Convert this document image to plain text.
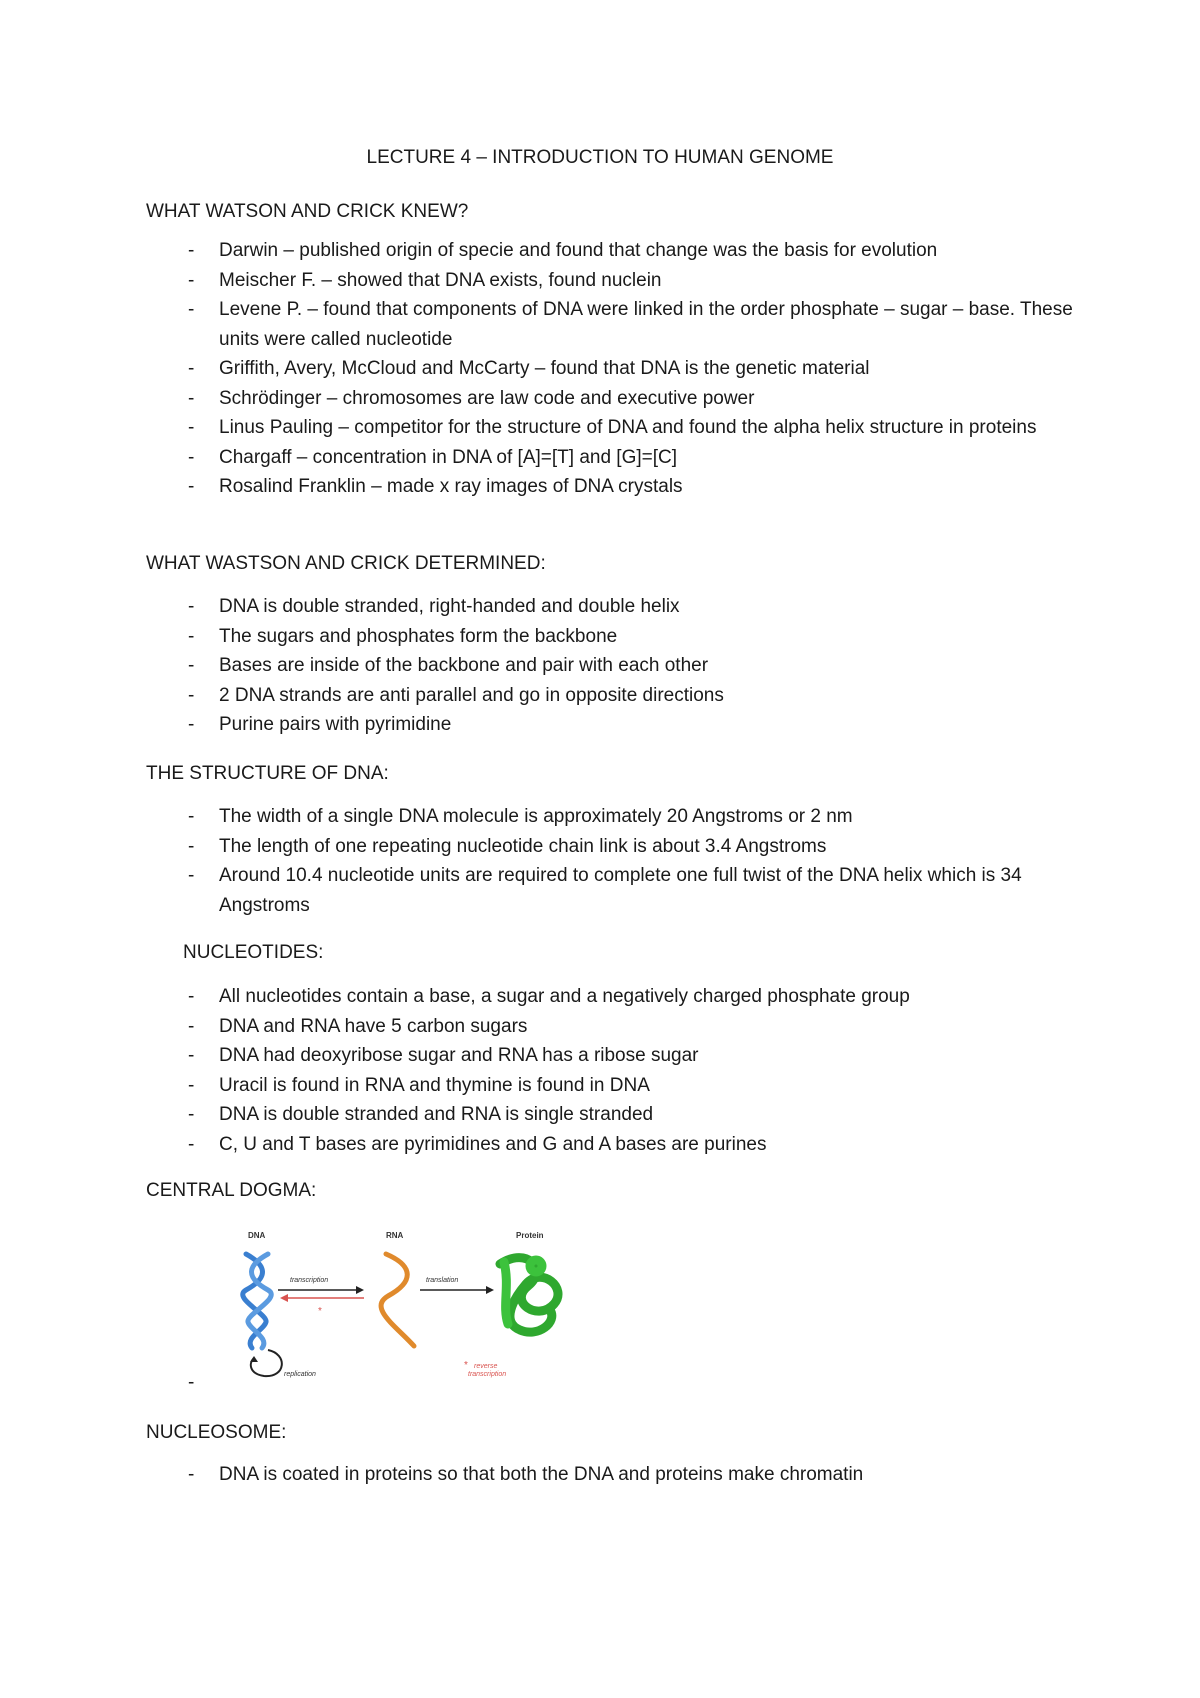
LECTURE 4 – INTRODUCTION TO HUMAN GENOME
WHAT WATSON AND CRICK KNEW?
- Darwin – published origin of specie and found that change was the basis for evolution
- Meischer F. – showed that DNA exists, found nuclein
- Levene P. – found that components of DNA were linked in the order phosphate – sugar – base. These units were called nucleotide
- Griffith, Avery, McCloud and McCarty – found that DNA is the genetic material
- Schrödinger – chromosomes are law code and executive power
- Linus Pauling – competitor for the structure of DNA and found the alpha helix structure in proteins
- Chargaff – concentration in DNA of [A]=[T] and [G]=[C]
- Rosalind Franklin – made x ray images of DNA crystals
WHAT WASTSON AND CRICK DETERMINED:
- DNA is double stranded, right-handed and double helix
- The sugars and phosphates form the backbone
- Bases are inside of the backbone and pair with each other
- 2 DNA strands are anti parallel and go in opposite directions
- Purine pairs with pyrimidine
THE STRUCTURE OF DNA:
- The width of a single DNA molecule is approximately 20 Angstroms or 2 nm
- The length of one repeating nucleotide chain link is about 3.4 Angstroms
- Around 10.4 nucleotide units are required to complete one full twist of the DNA helix which is 34 Angstroms
NUCLEOTIDES:
- All nucleotides contain a base, a sugar and a negatively charged phosphate group
- DNA and RNA have 5 carbon sugars
- DNA had deoxyribose sugar and RNA has a ribose sugar
- Uracil is found in RNA and thymine is found in DNA
- DNA is double stranded and RNA is single stranded
- C, U and T bases are pyrimidines and G and A bases are purines
CENTRAL DOGMA:
DNA	RNA	Protein
replication
transcription
*
translation
* reverse
transcription
-
NUCLEOSOME:
- DNA is coated in proteins so that both the DNA and proteins make chromatin
